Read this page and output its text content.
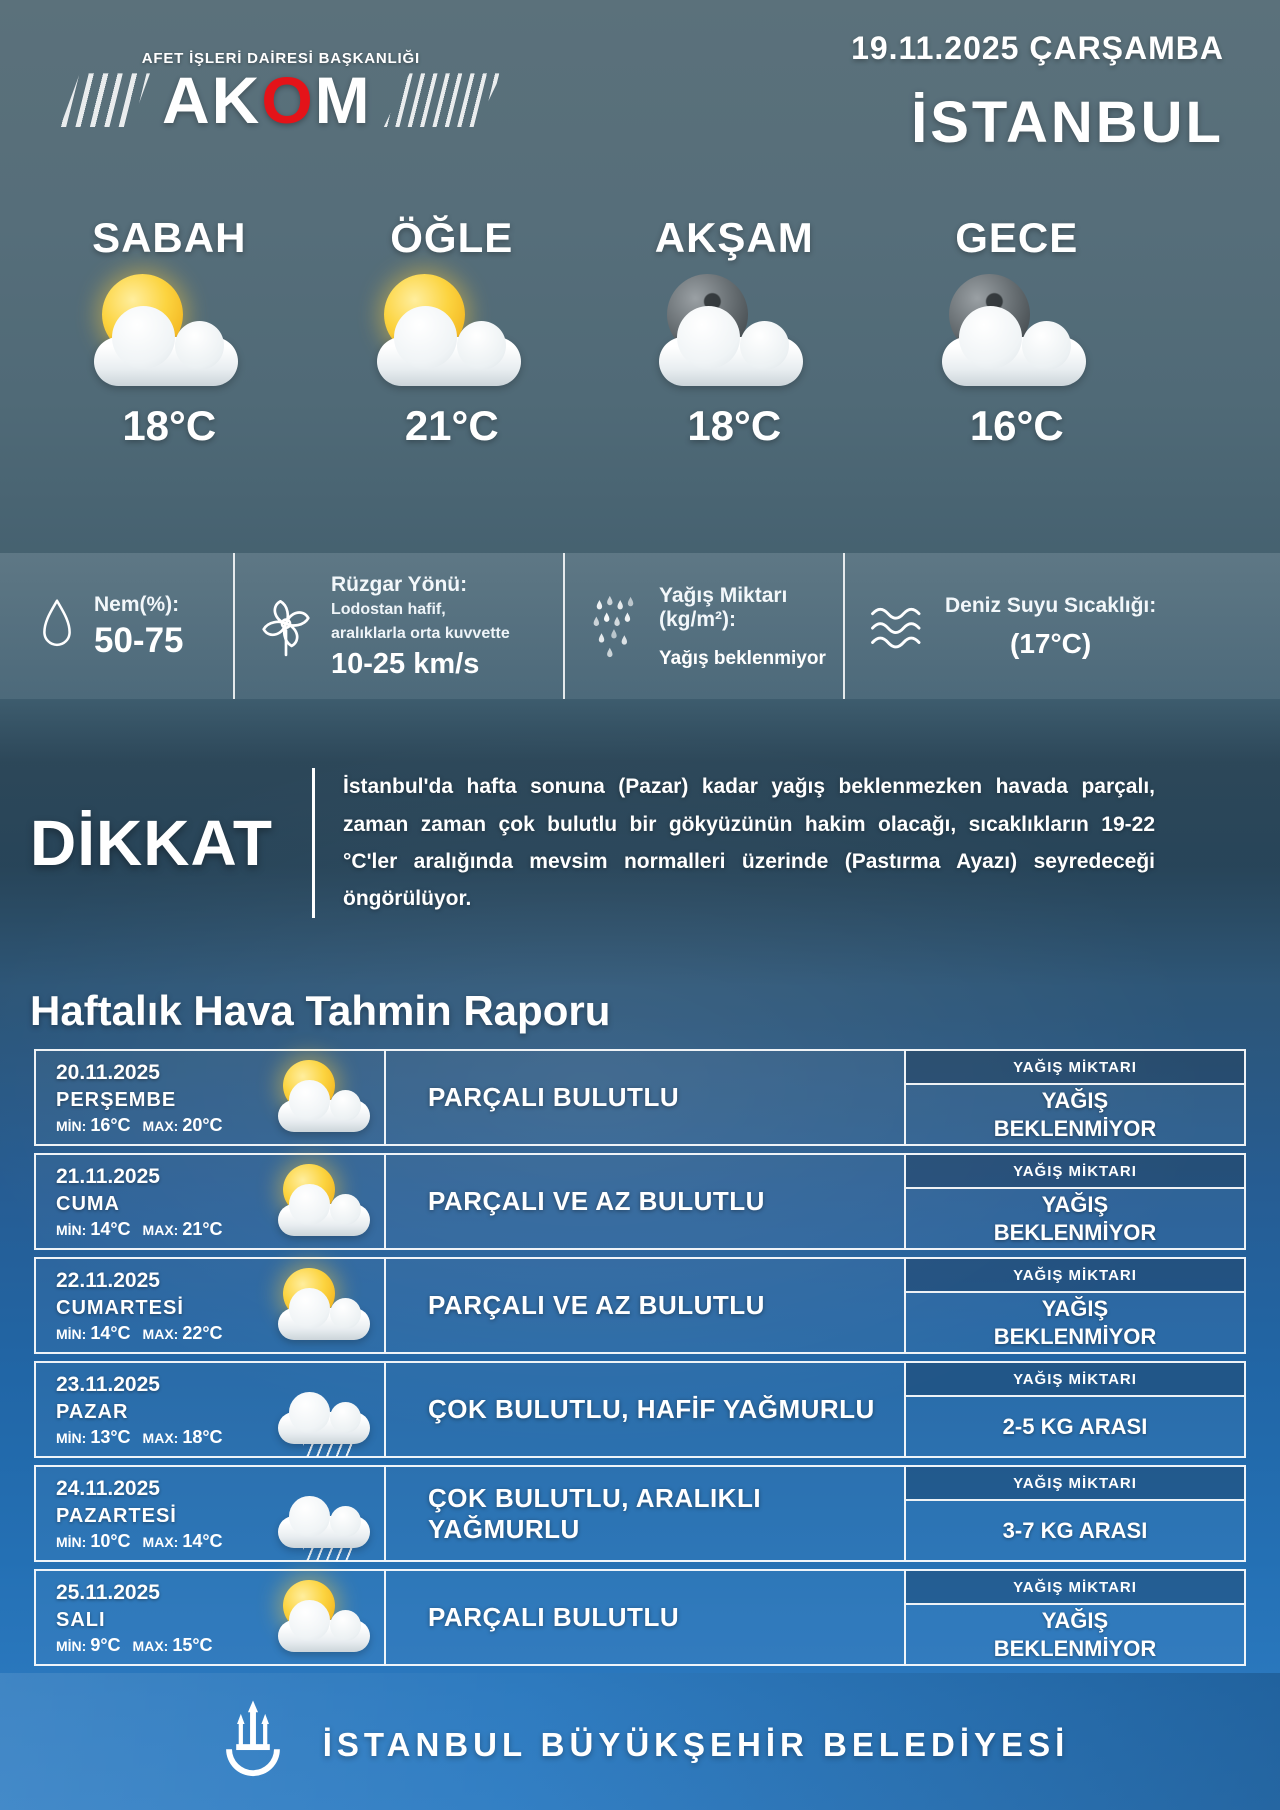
AFET İŞLERİ DAİRESİ BAŞKANLIĞI
AKOM
19.11.2025 ÇARŞAMBA
İSTANBUL
SABAH
18°C
ÖĞLE
21°C
AKŞAM
18°C
GECE
16°C
Nem(%):
50-75
Rüzgar Yönü:
Lodostan hafif,
aralıklarla orta kuvvette
10-25 km/s
Yağış Miktarı (kg/m²):
Yağış beklenmiyor
Deniz Suyu Sıcaklığı:
(17°C)
DİKKAT
İstanbul'da hafta sonuna (Pazar) kadar yağış beklenmezken havada parçalı, zaman zaman çok bulutlu bir gökyüzünün hakim olacağı, sıcaklıkların 19-22 °C'ler aralığında mevsim normalleri üzerinde (Pastırma Ayazı) seyredeceği öngörülüyor.
Haftalık Hava Tahmin Raporu
20.11.2025
PERŞEMBE
MİN: 16°C MAX: 20°C
PARÇALI BULUTLU
YAĞIŞ MİKTARI
YAĞIŞ BEKLENMİYOR
21.11.2025
CUMA
MİN: 14°C MAX: 21°C
PARÇALI VE AZ BULUTLU
YAĞIŞ MİKTARI
YAĞIŞ BEKLENMİYOR
22.11.2025
CUMARTESİ
MİN: 14°C MAX: 22°C
PARÇALI VE AZ BULUTLU
YAĞIŞ MİKTARI
YAĞIŞ BEKLENMİYOR
23.11.2025
PAZAR
MİN: 13°C MAX: 18°C
ÇOK BULUTLU, HAFİF YAĞMURLU
YAĞIŞ MİKTARI
2-5 KG ARASI
24.11.2025
PAZARTESİ
MİN: 10°C MAX: 14°C
ÇOK BULUTLU, ARALIKLI YAĞMURLU
YAĞIŞ MİKTARI
3-7 KG ARASI
25.11.2025
SALI
MİN: 9°C MAX: 15°C
PARÇALI BULUTLU
YAĞIŞ MİKTARI
YAĞIŞ BEKLENMİYOR
İSTANBUL BÜYÜKŞEHİR BELEDİYESİ
